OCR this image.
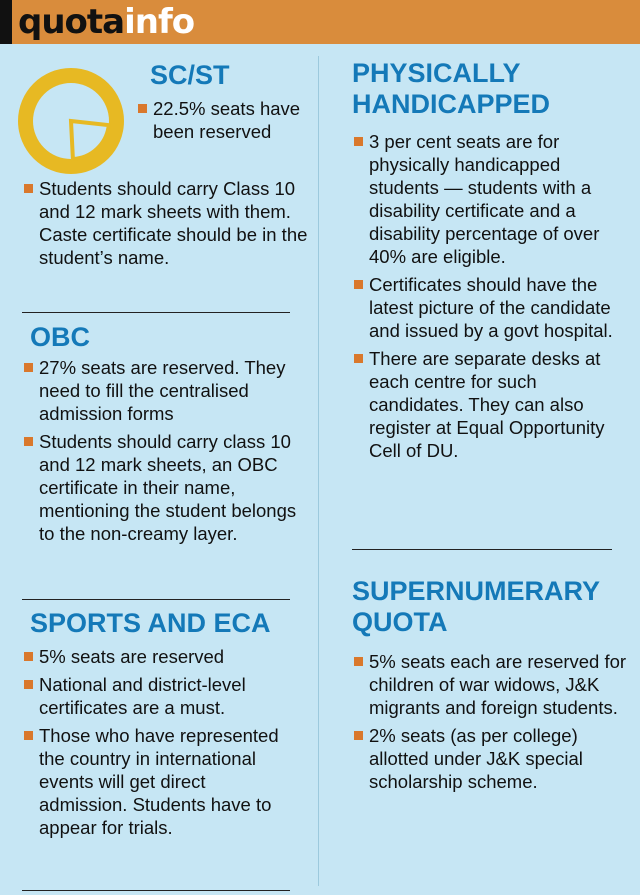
quotainfo
SC/ST
22.5% seats have been reserved
Students should carry Class 10 and 12 mark sheets with them. Caste certificate should be in the student’s name.
OBC
27% seats are reserved. They need to fill the centralised admission forms
Students should carry class 10 and 12 mark sheets, an OBC certificate in their name, mentioning the student belongs to the non-creamy layer.
SPORTS AND ECA
5% seats are reserved
National and district-level certificates are a must.
Those who have represented the country in international events will get direct admission. Students have to appear for trials.
PHYSICALLY
HANDICAPPED
3 per cent seats are for physically handicapped students — students with a disability certificate and a disability percentage of over 40% are eligible.
Certificates should have the latest picture of the candidate and issued by a govt hospital.
There are separate desks at each centre for such candidates. They can also register at Equal Opportunity Cell of DU.
SUPERNUMERARY
QUOTA
5% seats each are reserved for children of war widows, J&K migrants and foreign students.
2% seats (as per college) allotted under J&K special scholarship scheme.
